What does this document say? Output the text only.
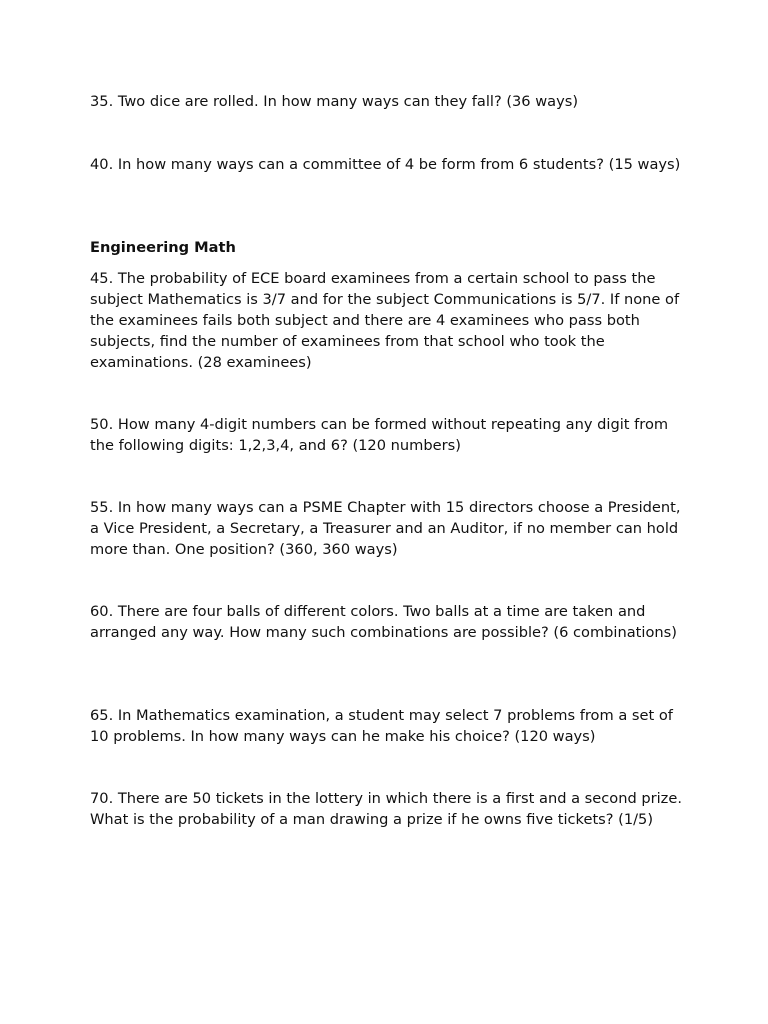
35. Two dice are rolled. In how many ways can they fall? (36 ways)

40. In how many ways can a committee of 4 be form from 6 students? (15 ways)

Engineering Math

45. The probability of ECE board examinees from a certain school to pass the subject Mathematics is 3/7 and for the subject Communications is 5/7. If none of the examinees fails both subject and there are 4 examinees who pass both subjects, find the number of examinees from that school who took the examinations. (28 examinees)

50. How many 4-digit numbers can be formed without repeating any digit from the following digits: 1,2,3,4, and 6? (120 numbers)

55. In how many ways can a PSME Chapter with 15 directors choose a President, a Vice President, a Secretary, a Treasurer and an Auditor, if no member can hold more than. One position? (360, 360 ways)

60. There are four balls of different colors. Two balls at a time are taken and arranged any way. How many such combinations are possible? (6 combinations)

65. In Mathematics examination, a student may select 7 problems from a set of 10 problems. In how many ways can he make his choice? (120 ways)

70. There are 50 tickets in the lottery in which there is a first and a second prize. What is the probability of a man drawing a prize if he owns five tickets? (1/5)
